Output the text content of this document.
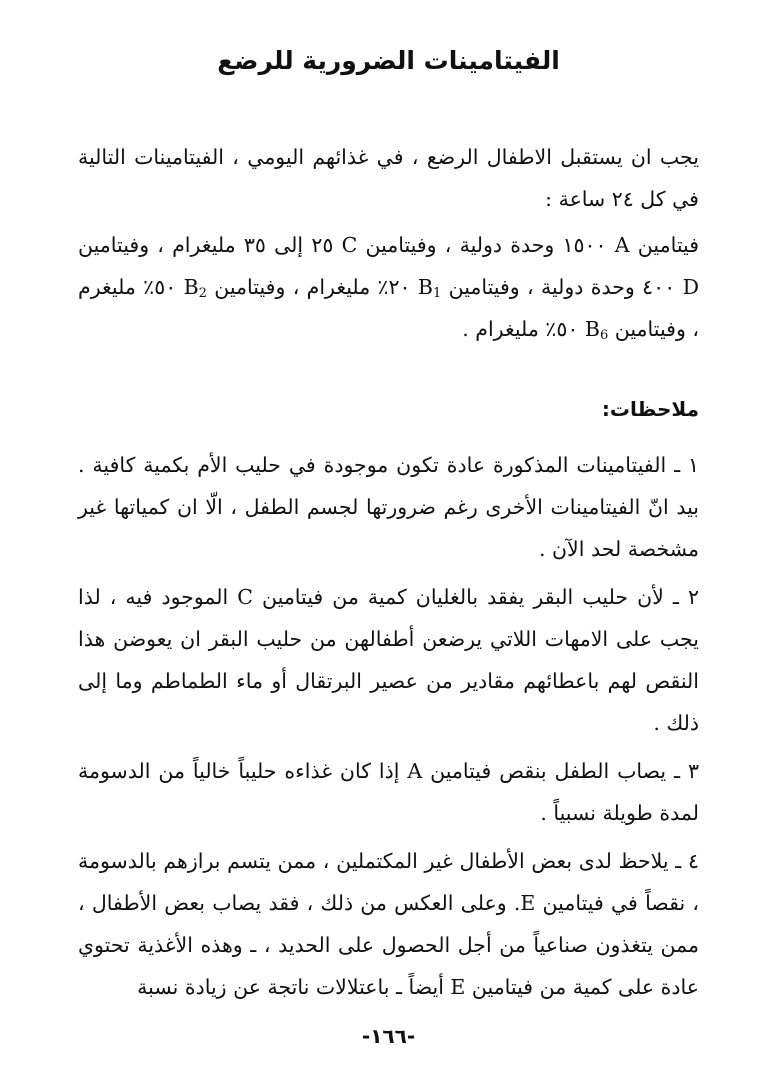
الفيتامينات الضرورية للرضع

يجب ان يستقبل الاطفال الرضع ، في غذائهم اليومي ، الفيتامينات التالية في كل ٢٤ ساعة :

فيتامين A ١٥٠٠ وحدة دولية ، وفيتامين C ٢٥ إلى ٣٥ مليغرام ، وفيتامين D ٤٠٠ وحدة دولية ، وفيتامين $B_1$ ٢٠٪ مليغرام ، وفيتامين $B_2$ ٥٠٪ مليغرم ، وفيتامين $B_6$ ٥٠٪ مليغرام .

ملاحظات:

١ ـ الفيتامينات المذكورة عادة تكون موجودة في حليب الأم بكمية كافية . بيد انّ الفيتامينات الأخرى رغم ضرورتها لجسم الطفل ، الّا ان كمياتها غير مشخصة لحد الآن .

٢ ـ لأن حليب البقر يفقد بالغليان كمية من فيتامين C الموجود فيه ، لذا يجب على الامهات اللاتي يرضعن أطفالهن من حليب البقر ان يعوضن هذا النقص لهم باعطائهم مقادير من عصير البرتقال أو ماء الطماطم وما إلى ذلك .

٣ ـ يصاب الطفل بنقص فيتامين A إذا كان غذاءه حليباً خالياً من الدسومة لمدة طويلة نسبياً .

٤ ـ يلاحظ لدى بعض الأطفال غير المكتملين ، ممن يتسم برازهم بالدسومة ، نقصاً في فيتامين E. وعلى العكس من ذلك ، فقد يصاب بعض الأطفال ، ممن يتغذون صناعياً من أجل الحصول على الحديد ، ـ وهذه الأغذية تحتوي عادة على كمية من فيتامين E أيضاً ـ باعتلالات ناتجة عن زيادة نسبة

-١٦٦-
